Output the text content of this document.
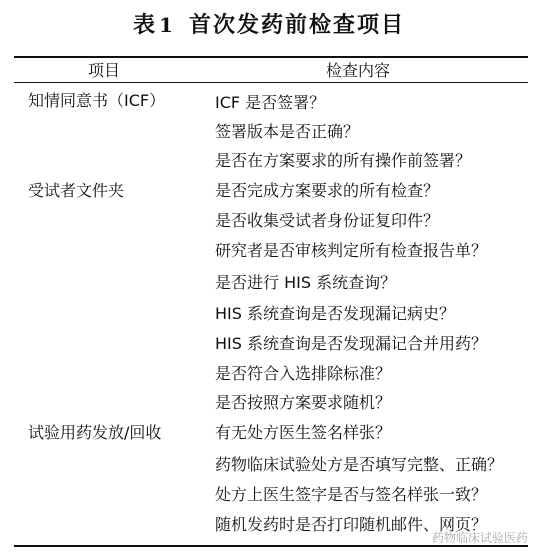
表 1 首次发药前检查项目
项目	检查内容
知情同意书（ICF）
受试者文件夹
试验用药发放/回收
ICF 是否签署？
签署版本是否正确？
是否在方案要求的所有操作前签署？
是否完成方案要求的所有检查？
是否收集受试者身份证复印件？
研究者是否审核判定所有检查报告单？
是否进行 HIS 系统查询？
HIS 系统查询是否发现漏记病史？
HIS 系统查询是否发现漏记合并用药？
是否符合入选排除标准？
是否按照方案要求随机？
有无处方医生签名样张？
药物临床试验处方是否填写完整、正确？
处方上医生签字是否与签名样张一致？
随机发药时是否打印随机邮件、网页？
药物临床试验医药
